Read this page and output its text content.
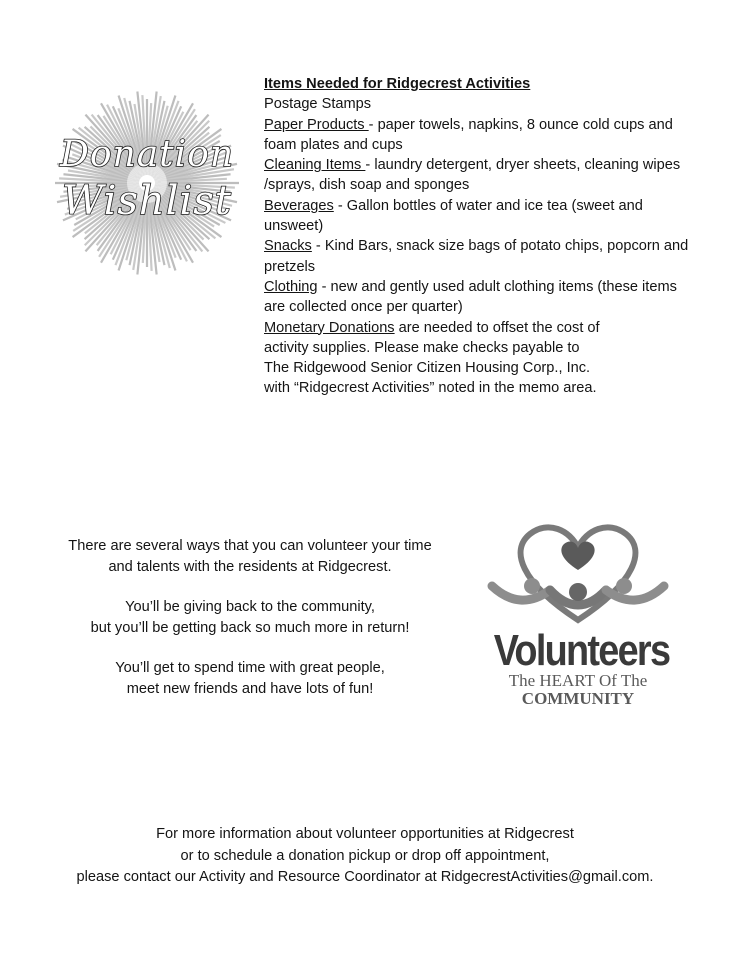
Donation
Wishlist

Items Needed for Ridgecrest Activities

Postage Stamps

Paper Products - paper towels, napkins, 8 ounce cold cups and foam plates and cups

Cleaning Items - laundry detergent, dryer sheets, cleaning wipes /sprays, dish soap and sponges

Beverages - Gallon bottles of water and ice tea (sweet and unsweet)

Snacks - Kind Bars, snack size bags of potato chips, popcorn and pretzels

Clothing - new and gently used adult clothing items (these items are collected once per quarter)

Monetary Donations are needed to offset the cost of

activity supplies. Please make checks payable to

The Ridgewood Senior Citizen Housing Corp., Inc.

with “Ridgecrest Activities” noted in the memo area.

There are several ways that you can volunteer your time
and talents with the residents at Ridgecrest.

You’ll be giving back to the community,
but you’ll be getting back so much more in return!

You’ll get to spend time with great people,
meet new friends and have lots of fun!

Volunteers
The HEART Of The
COMMUNITY

For more information about volunteer opportunities at Ridgecrest

or to schedule a donation pickup or drop off appointment,

please contact our Activity and Resource Coordinator at RidgecrestActivities@gmail.com.
